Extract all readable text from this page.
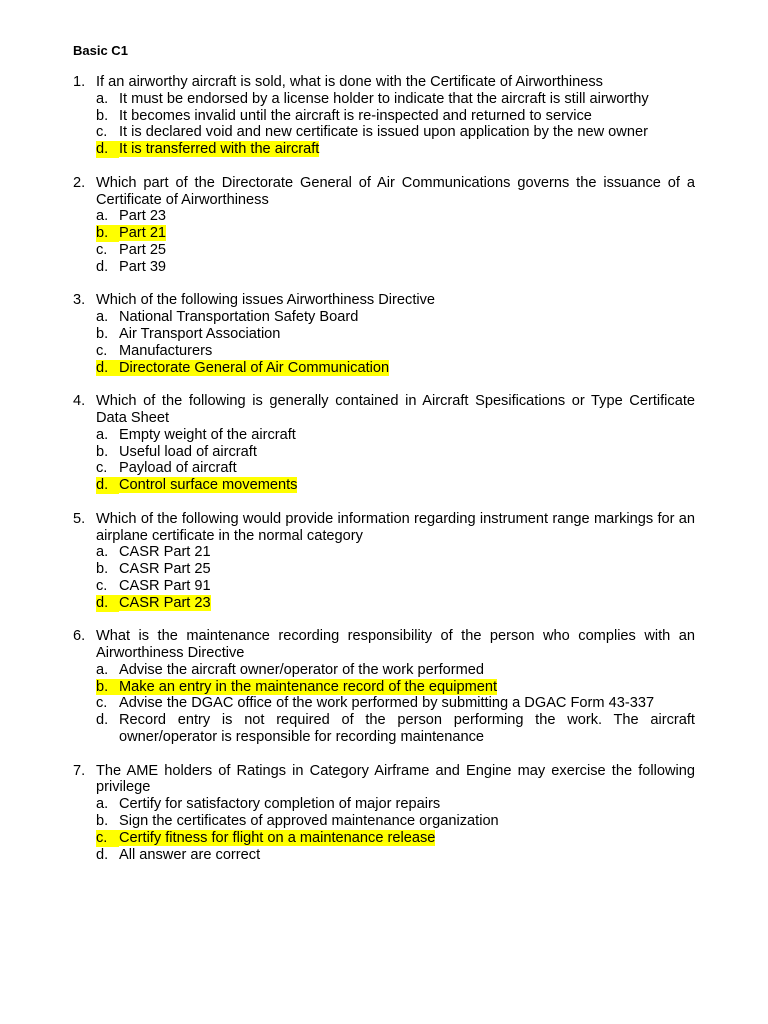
Basic C1
1. If an airworthy aircraft is sold, what is done with the Certificate of Airworthiness
a. It must be endorsed by a license holder to indicate that the aircraft is still airworthy
b. It becomes invalid until the aircraft is re-inspected and returned to service
c. It is declared void and new certificate is issued upon application by the new owner
d. It is transferred with the aircraft
2. Which part of the Directorate General of Air Communications governs the issuance of a Certificate of Airworthiness
a. Part 23
b. Part 21
c. Part 25
d. Part 39
3. Which of the following issues Airworthiness Directive
a. National Transportation Safety Board
b. Air Transport Association
c. Manufacturers
d. Directorate General of Air Communication
4. Which of the following is generally contained in Aircraft Spesifications or Type Certificate Data Sheet
a. Empty weight of the aircraft
b. Useful load of aircraft
c. Payload of aircraft
d. Control surface movements
5. Which of the following would provide information regarding instrument range markings for an airplane certificate in the normal category
a. CASR Part 21
b. CASR Part 25
c. CASR Part 91
d. CASR Part 23
6. What is the maintenance recording responsibility of the person who complies with an Airworthiness Directive
a. Advise the aircraft owner/operator of the work performed
b. Make an entry in the maintenance record of the equipment
c. Advise the DGAC office of the work performed by submitting a DGAC Form 43-337
d. Record entry is not required of the person performing the work. The aircraft owner/operator is responsible for recording maintenance
7. The AME holders of Ratings in Category Airframe and Engine may exercise the following privilege
a. Certify for satisfactory completion of major repairs
b. Sign the certificates of approved maintenance organization
c. Certify fitness for flight on a maintenance release
d. All answer are correct
